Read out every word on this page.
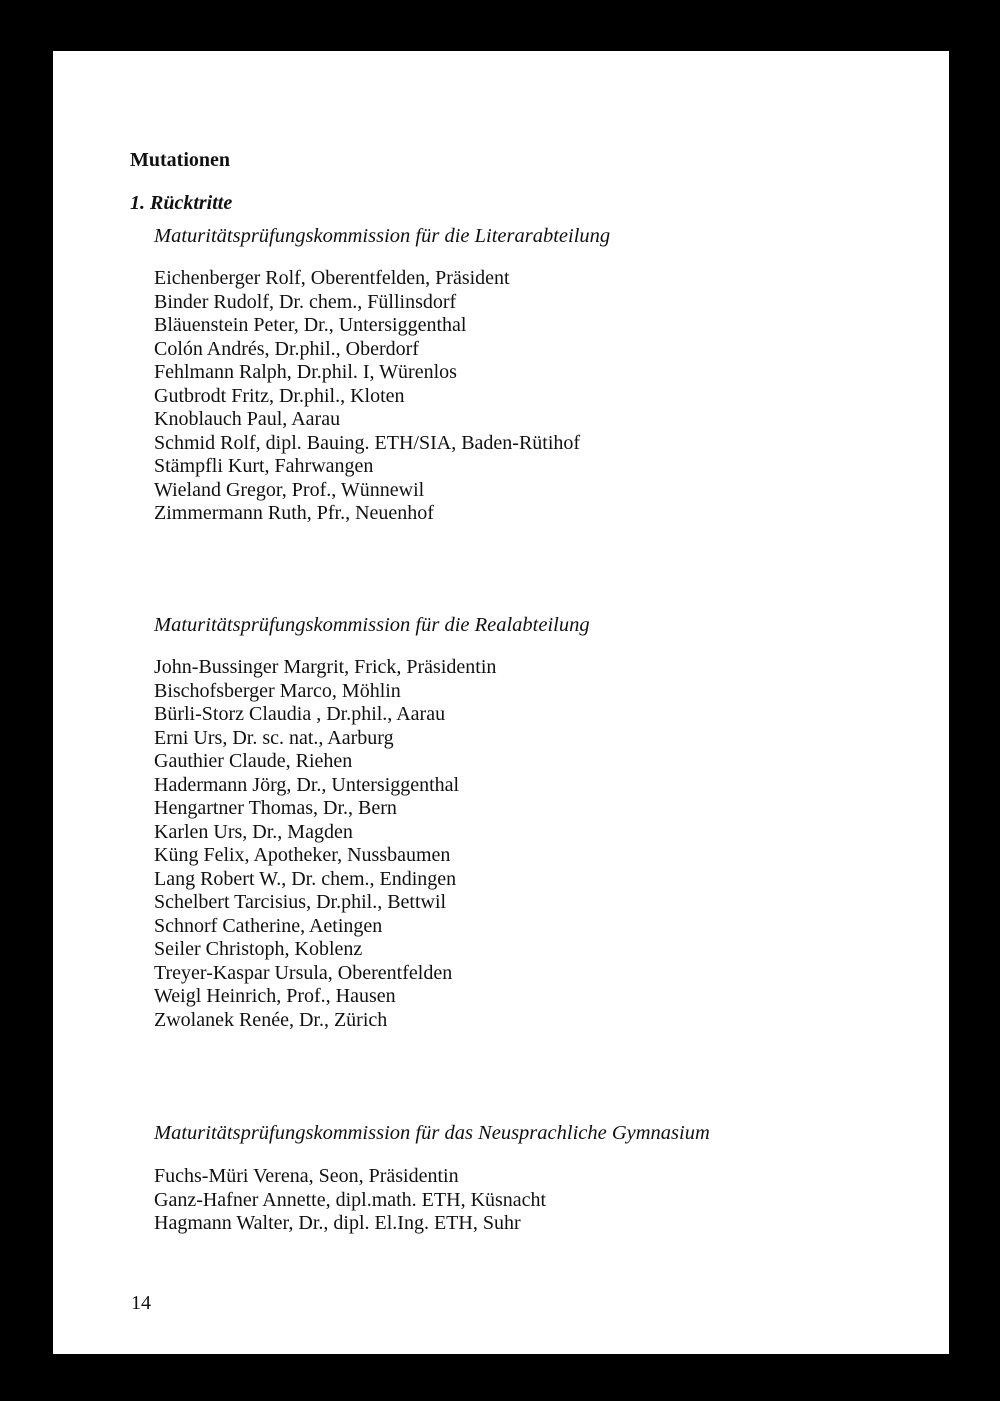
Mutationen
1. Rücktritte

Maturitätsprüfungskommission für die Literarabteilung

Eichenberger Rolf, Oberentfelden, Präsident
Binder Rudolf, Dr. chem., Füllinsdorf
Bläuenstein Peter, Dr., Untersiggenthal
Colón Andrés, Dr.phil., Oberdorf
Fehlmann Ralph, Dr.phil. I, Würenlos
Gutbrodt Fritz, Dr.phil., Kloten
Knoblauch Paul, Aarau
Schmid Rolf, dipl. Bauing. ETH/SIA, Baden-Rütihof
Stämpfli Kurt, Fahrwangen
Wieland Gregor, Prof., Wünnewil
Zimmermann Ruth, Pfr., Neuenhof

Maturitätsprüfungskommission für die Realabteilung

John-Bussinger Margrit, Frick, Präsidentin
Bischofsberger Marco, Möhlin
Bürli-Storz Claudia , Dr.phil., Aarau
Erni Urs, Dr. sc. nat., Aarburg
Gauthier Claude, Riehen
Hadermann Jörg, Dr., Untersiggenthal
Hengartner Thomas, Dr., Bern
Karlen Urs, Dr., Magden
Küng Felix, Apotheker, Nussbaumen
Lang Robert W., Dr. chem., Endingen
Schelbert Tarcisius, Dr.phil., Bettwil
Schnorf Catherine, Aetingen
Seiler Christoph, Koblenz
Treyer-Kaspar Ursula, Oberentfelden
Weigl Heinrich, Prof., Hausen
Zwolanek Renée, Dr., Zürich

Maturitätsprüfungskommission für das Neusprachliche Gymnasium

Fuchs-Müri Verena, Seon, Präsidentin
Ganz-Hafner Annette, dipl.math. ETH, Küsnacht
Hagmann Walter, Dr., dipl. El.Ing. ETH, Suhr

14
